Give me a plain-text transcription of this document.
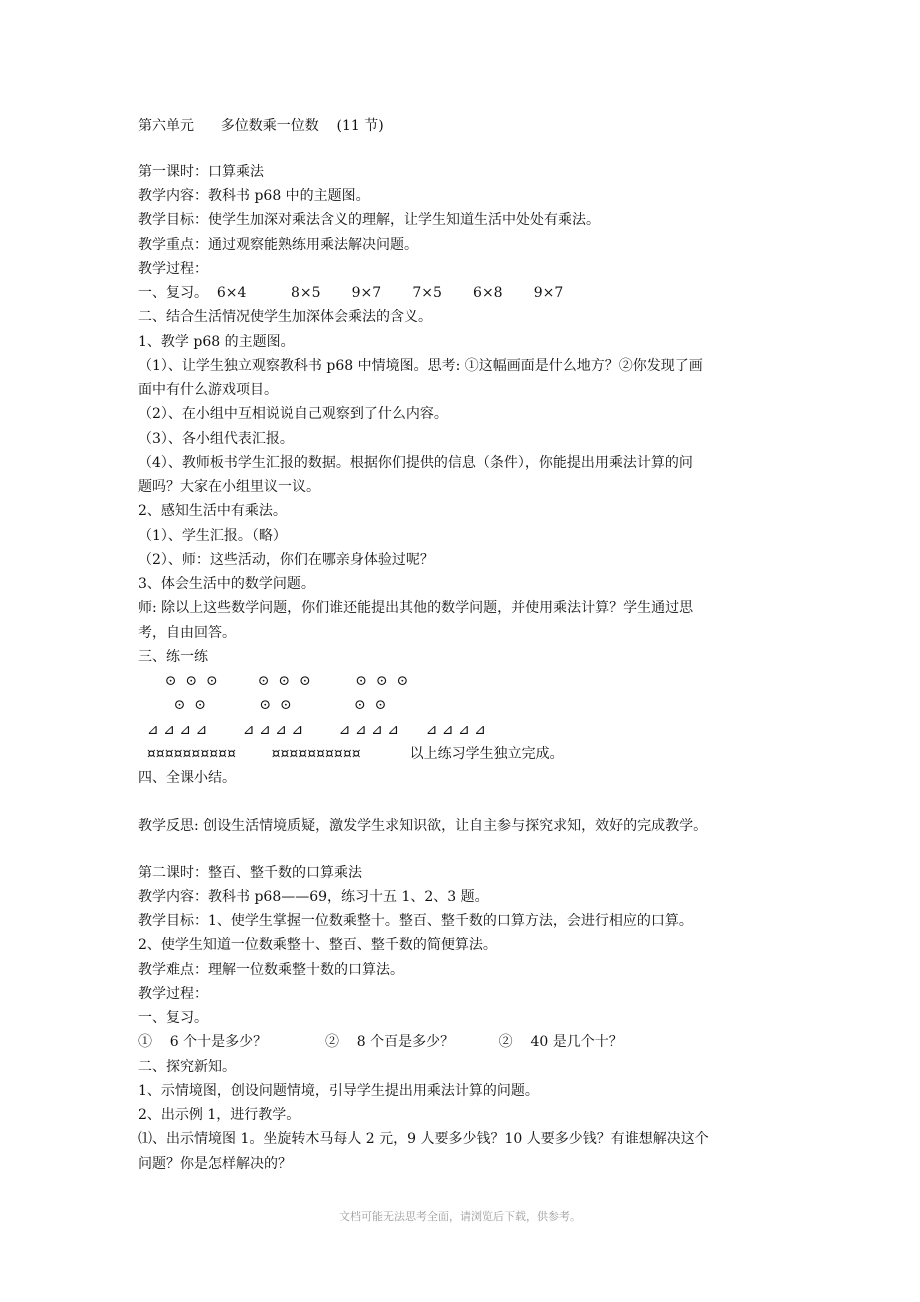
第六单元      多位数乘一位数    (11 节)

第一课时：口算乘法

教学内容：教科书 p68 中的主题图。

教学目标：使学生加深对乘法含义的理解，让学生知道生活中处处有乘法。

教学重点：通过观察能熟练用乘法解决问题。

教学过程：

一、复习。  6×4          8×5       9×7       7×5       6×8       9×7

二、结合生活情况使学生加深体会乘法的含义。

1、教学 p68 的主题图。

（1）、让学生独立观察教科书 p68 中情境图。思考: ①这幅画面是什么地方？②你发现了画

面中有什么游戏项目。

（2）、在小组中互相说说自己观察到了什么内容。

（3）、各小组代表汇报。

（4）、教师板书学生汇报的数据。根据你们提供的信息（条件），你能提出用乘法计算的问

题吗？大家在小组里议一议。

2、感知生活中有乘法。

（1）、学生汇报。（略）

（2）、师：这些活动，你们在哪亲身体验过呢？

3、体会生活中的数学问题。

师: 除以上这些数学问题，你们谁还能提出其他的数学问题，并使用乘法计算？学生通过思

考，自由回答。

三、练一练

⊙  ⊙  ⊙         ⊙  ⊙  ⊙          ⊙  ⊙  ⊙

⊙  ⊙            ⊙  ⊙              ⊙  ⊙

⊿ ⊿ ⊿ ⊿        ⊿ ⊿ ⊿ ⊿        ⊿ ⊿ ⊿ ⊿      ⊿ ⊿ ⊿ ⊿

¤¤¤¤¤¤¤¤¤¤        ¤¤¤¤¤¤¤¤¤¤           以上练习学生独立完成。

四、全课小结。

教学反思: 创设生活情境质疑，激发学生求知识欲，让自主参与探究求知，效好的完成教学。

第二课时：整百、整千数的口算乘法

教学内容：教科书 p68——69，练习十五 1、2、3 题。

教学目标：1、使学生掌握一位数乘整十。整百、整千数的口算方法，会进行相应的口算。

2、使学生知道一位数乘整十、整百、整千数的简便算法。

教学难点：理解一位数乘整十数的口算法。

教学过程：

一、复习。

①    6 个十是多少？             ②    8 个百是多少？          ②    40 是几个十？

二、探究新知。

1、示情境图，创设问题情境，引导学生提出用乘法计算的问题。

2、出示例 1，进行教学。

⑴、出示情境图 1。坐旋转木马每人 2 元，9 人要多少钱？10 人要多少钱？有谁想解决这个

问题？你是怎样解决的？

文档可能无法思考全面，请浏览后下载，供参考。
